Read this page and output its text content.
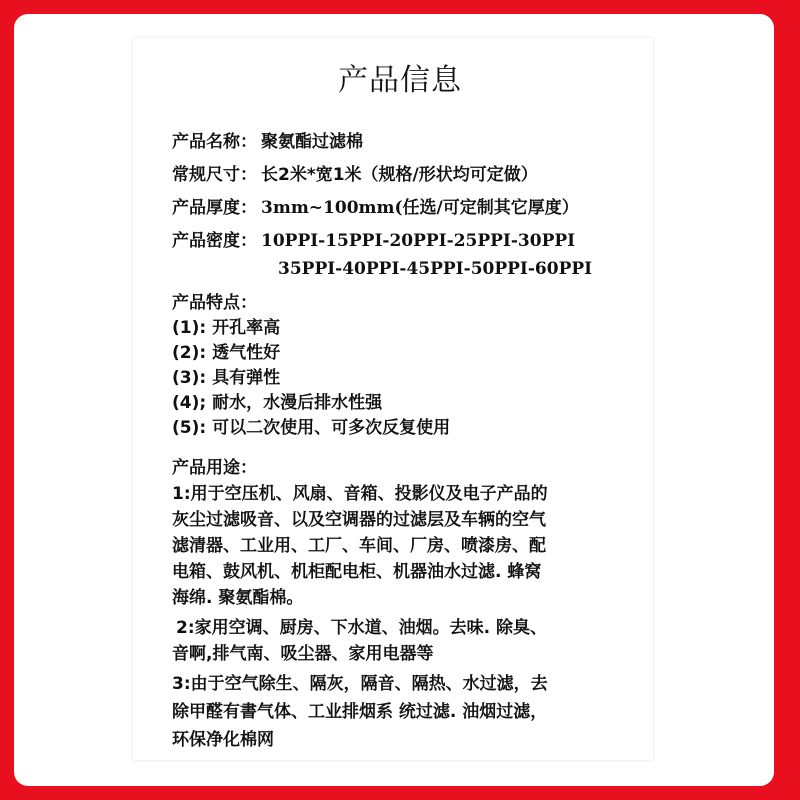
产品信息
产品名称： 聚氨酯过滤棉
常规尺寸： 长2米*宽1米（规格/形状均可定做）
产品厚度： 3mm~100mm(任选/可定制其它厚度）
产品密度： 10PPI-15PPI-20PPI-25PPI-30PPI
35PPI-40PPI-45PPI-50PPI-60PPI
产品特点：
(1): 开孔率高
(2): 透气性好
(3): 具有弹性
(4); 耐水，水漫后排水性强
(5): 可以二次使用、可多次反复使用
产品用途：
1:用于空压机、风扇、音箱、投影仪及电子产品的
灰尘过滤吸音、以及空调器的过滤层及车辆的空气
滤清器、工业用、工厂、车间、厂房、喷漆房、配
电箱、鼓风机、机柜配电柜、机器油水过滤. 蜂窝
海绵. 聚氨酯棉。
2:家用空调、厨房、下水道、油烟。去味. 除臭、
音啊,排气南、吸尘器、家用电器等
3:由于空气除生、隔灰，隔音、隔热、水过滤，去
除甲醛有書气体、工业排烟系 统过滤. 油烟过滤，
环保净化棉网
